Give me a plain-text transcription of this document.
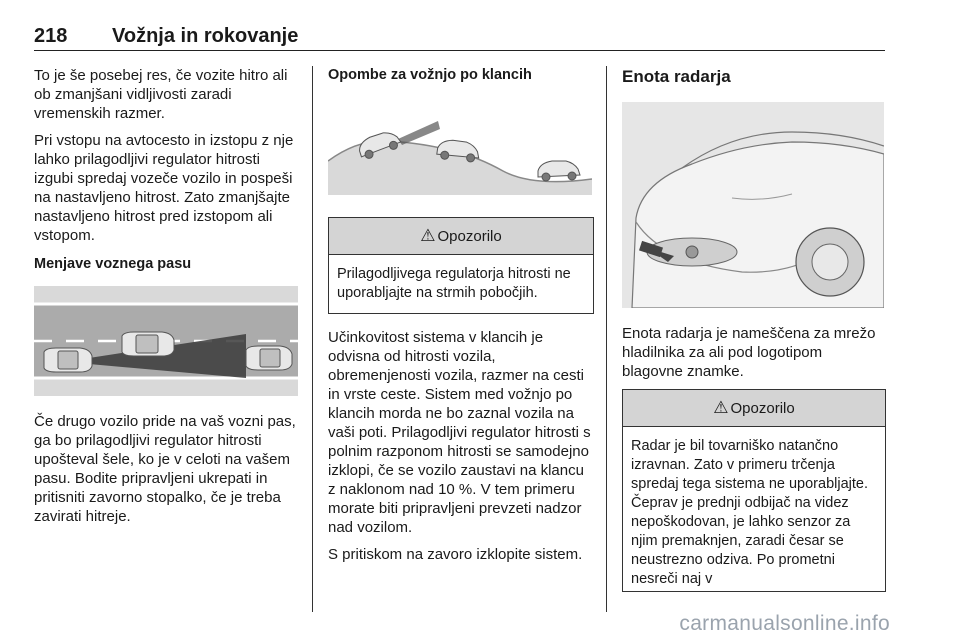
218 Vožnja in rokovanje

To je še posebej res, če vozite hitro ali ob zmanjšani vidljivosti zaradi vremenskih razmer.

Pri vstopu na avtocesto in izstopu z nje lahko prilagodljivi regulator hitrosti izgubi spredaj vozeče vozilo in pospeši na nastavljeno hitrost. Zato zmanjšajte nastavljeno hitrost pred izstopom ali vstopom.

Menjave voznega pasu

Če drugo vozilo pride na vaš vozni pas, ga bo prilagodljivi regulator hitrosti upošteval šele, ko je v celoti na vašem pasu. Bodite pripravljeni ukrepati in pritisniti zavorno stopalko, če je treba zavirati hitreje.

Opombe za vožnjo po klancih
⚠ Opozorilo

Prilagodljivega regulatorja hitrosti ne uporabljajte na strmih pobočjih.

Učinkovitost sistema v klancih je odvisna od hitrosti vozila, obremenjenosti vozila, razmer na cesti in vrste ceste. Sistem med vožnjo po klancih morda ne bo zaznal vozila na vaši poti. Prilagodljivi regulator hitrosti s polnim razponom hitrosti se samodejno izklopi, če se vozilo zaustavi na klancu z naklonom nad 10 %. V tem primeru morate biti pripravljeni prevzeti nadzor nad vozilom.

S pritiskom na zavoro izklopite sistem.

Enota radarja

Enota radarja je nameščena za mrežo hladilnika za ali pod logotipom blagovne znamke.

⚠ Opozorilo

Radar je bil tovarniško natančno izravnan. Zato v primeru trčenja spredaj tega sistema ne uporabljajte. Čeprav je prednji odbijač na videz nepoškodovan, je lahko senzor za njim premaknjen, zaradi česar se neustrezno odziva. Po prometni nesreči naj v

carmanualsonline.info
